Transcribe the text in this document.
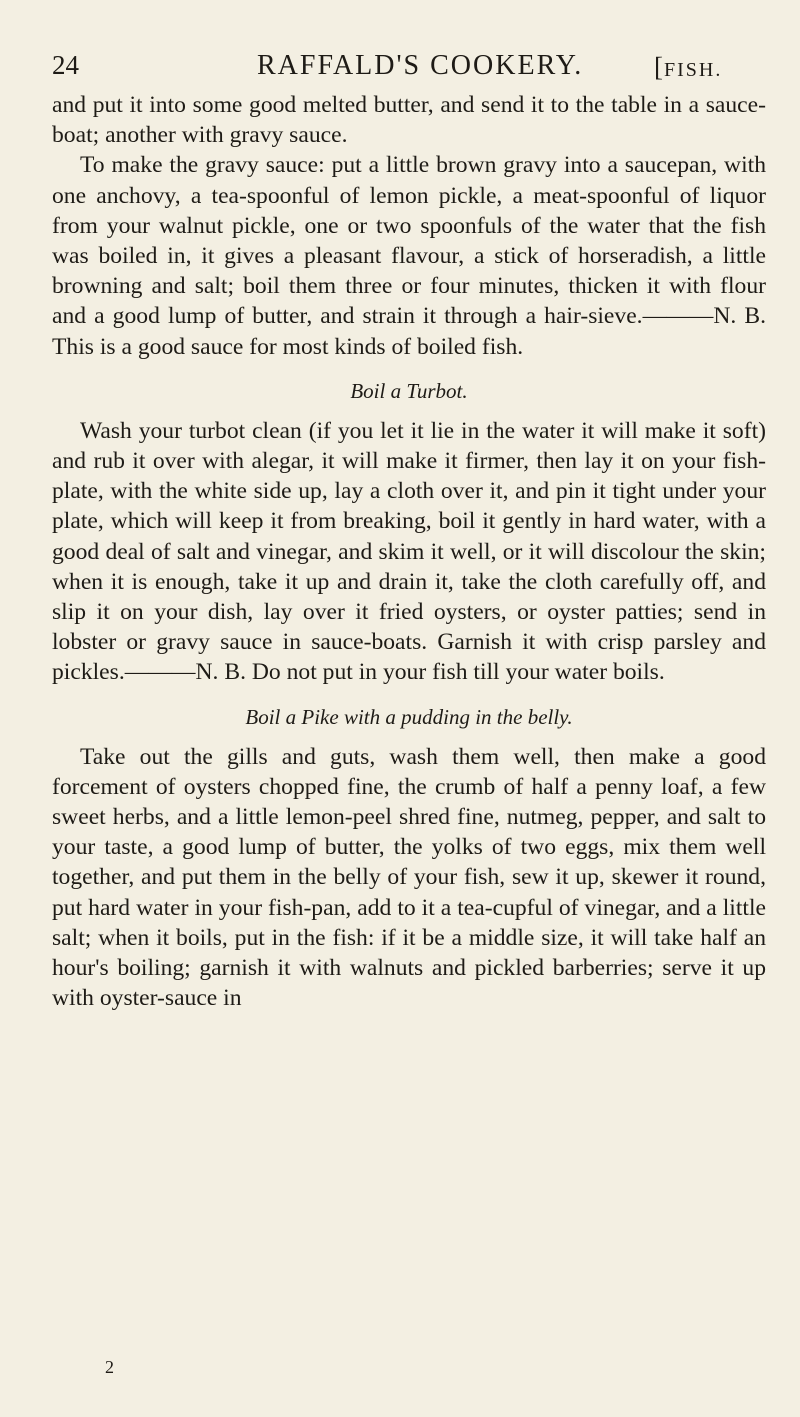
24	RAFFALD'S COOKERY.	[FISH.

and put it into some good melted butter, and send it to the table in a sauce-boat; another with gravy sauce.

To make the gravy sauce: put a little brown gravy into a saucepan, with one anchovy, a tea-spoonful of lemon pickle, a meat-spoonful of liquor from your walnut pickle, one or two spoonfuls of the water that the fish was boiled in, it gives a pleasant flavour, a stick of horseradish, a little browning and salt; boil them three or four minutes, thicken it with flour and a good lump of butter, and strain it through a hair-sieve.———N. B. This is a good sauce for most kinds of boiled fish.

Boil a Turbot.

Wash your turbot clean (if you let it lie in the water it will make it soft) and rub it over with alegar, it will make it firmer, then lay it on your fish-plate, with the white side up, lay a cloth over it, and pin it tight under your plate, which will keep it from breaking, boil it gently in hard water, with a good deal of salt and vinegar, and skim it well, or it will discolour the skin; when it is enough, take it up and drain it, take the cloth carefully off, and slip it on your dish, lay over it fried oysters, or oyster patties; send in lobster or gravy sauce in sauce-boats. Garnish it with crisp parsley and pickles.———N. B. Do not put in your fish till your water boils.

Boil a Pike with a pudding in the belly.

Take out the gills and guts, wash them well, then make a good forcement of oysters chopped fine, the crumb of half a penny loaf, a few sweet herbs, and a little lemon-peel shred fine, nutmeg, pepper, and salt to your taste, a good lump of butter, the yolks of two eggs, mix them well together, and put them in the belly of your fish, sew it up, skewer it round, put hard water in your fish-pan, add to it a tea-cupful of vinegar, and a little salt; when it boils, put in the fish: if it be a middle size, it will take half an hour's boiling; garnish it with walnuts and pickled barberries; serve it up with oyster-sauce in

2
